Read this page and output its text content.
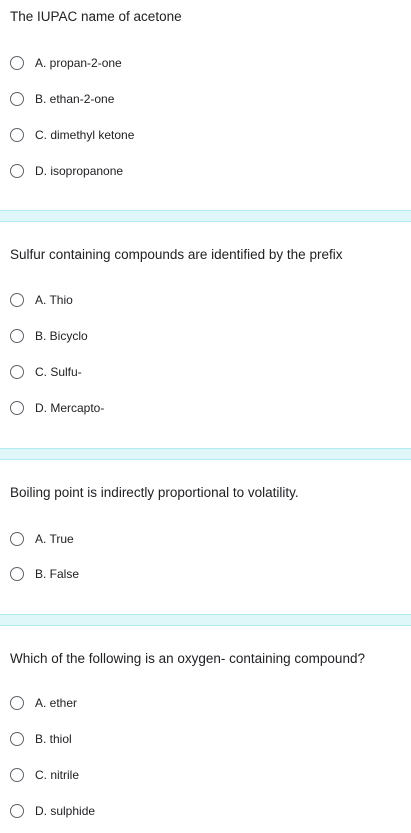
The IUPAC name of acetone
A. propan-2-one
B. ethan-2-one
C. dimethyl ketone
D. isopropanone
Sulfur containing compounds are identified by the prefix
A. Thio
B. Bicyclo
C. Sulfu-
D. Mercapto-
Boiling point is indirectly proportional to volatility.
A. True
B. False
Which of the following is an oxygen- containing compound?
A. ether
B. thiol
C. nitrile
D. sulphide
